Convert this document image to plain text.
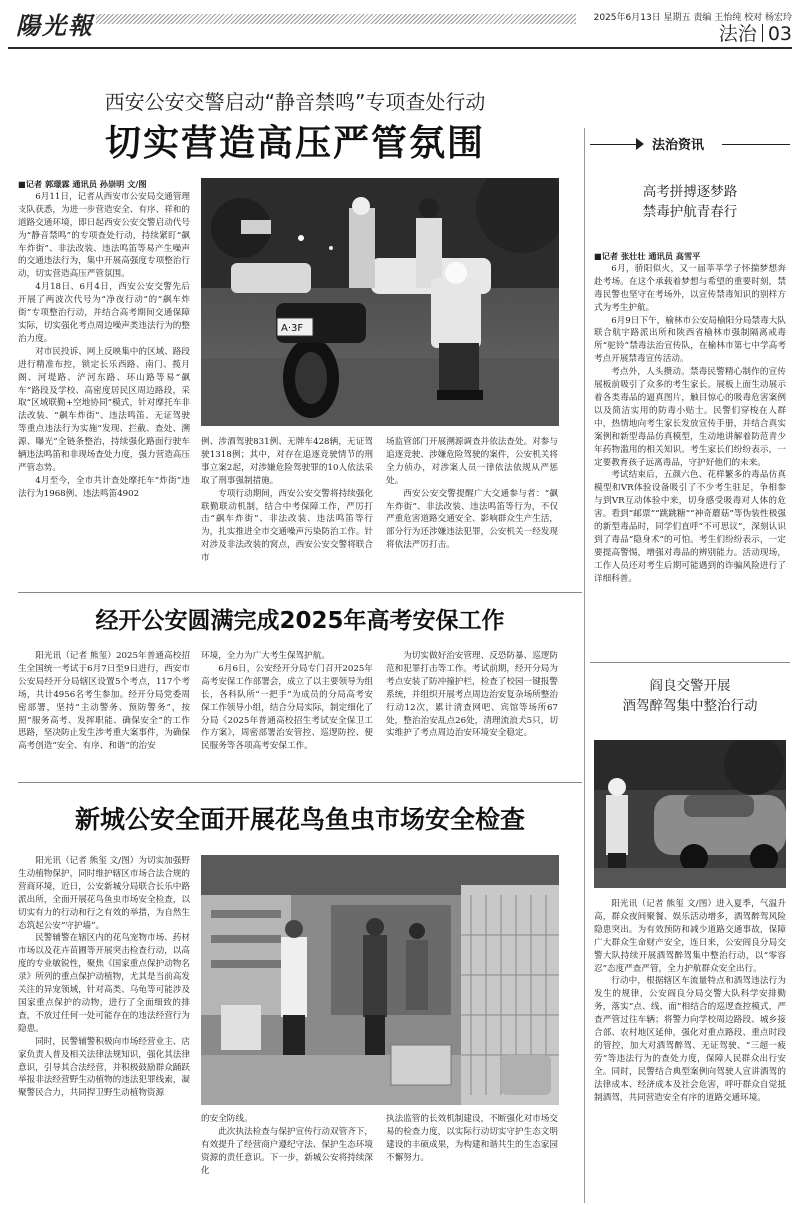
陽光報	2025年6月13日 星期五 责编 王怡纯 校对 杨宏玲
法治 03
西安公安交警启动“静音禁鸣”专项查处行动
切实营造高压严管氛围

■记者 郭璟霖 通讯员 孙崇明 文/图

6月11日，记者从西安市公安局交通管理支队获悉，为进一步营造安全、有序、祥和的道路交通环境，即日起西安公安交警启动代号为“静音禁鸣”的专项查处行动，持续紧盯“飙车炸街”、非法改装、违法鸣笛等易产生噪声的交通违法行为，集中开展高强度专项整治行动，切实营造高压严管氛围。

4月18日、6月4日，西安公安交警先后开展了两波次代号为“净夜行动”的“飙车炸街”专项整治行动，并结合高考期间交通保障实际，切实强化考点周边噪声类违法行为的整治力度。

对市民投诉、网上反映集中的区域、路段进行精准布控，锁定长乐西路、南门、揽月阁、河堤路、浐河东路、环山路等易“飙车”路段及学校、高密度居民区周边路段，采取“区域联勤+空地协同”模式，针对摩托车非法改装、“飙车炸街”、违法鸣笛、无证驾驶等重点违法行为实施“发现、拦截、查处、溯源、曝光”全链条整治，持续强化路面行驶车辆违法鸣笛和非现场查处力度，强力营造高压严管态势。

4月至今，全市共计查处摩托车“炸街”违法行为1968例、违法鸣笛4902

A·3F

例、涉酒驾驶831例、无牌车428辆，无证驾驶1318例；其中，对存在追逐竞驶情节的刑事立案2起，对涉嫌危险驾驶罪的10人依法采取了刑事强制措施。

专项行动期间，西安公安交警将持续强化联勤联动机制，结合中考保障工作，严厉打击“飙车炸街”、非法改装、违法鸣笛等行为，扎实推进全市交通噪声污染防治工作。针对涉及非法改装的窝点，西安公安交警将联合市

场监管部门开展溯源调查并依法查处。对参与追逐竞驶、涉嫌危险驾驶的案件，公安机关将全力侦办，对涉案人员一律依法依规从严惩处。

西安公安交警提醒广大交通参与者：“飙车炸街”、非法改装、违法鸣笛等行为，不仅严重危害道路交通安全、影响群众生产生活，部分行为还涉嫌违法犯罪，公安机关一经发现将依法严厉打击。

经开公安圆满完成2025年高考安保工作

阳光讯（记者 熊玺）2025年普通高校招生全国统一考试于6月7日至9日进行，西安市公安局经开分局辖区设置5个考点，117个考场，共计4956名考生参加。经开分局党委周密部署，坚持“主动警务、预防警务”，按照“服务高考、发挥职能、确保安全”的工作思路，坚决防止发生涉考重大案事件，为确保高考创造“安全、有序、和谐”的治安

环境，全力为广大考生保驾护航。

6月6日，公安经开分局专门召开2025年高考安保工作部署会，成立了以主要领导为组长，各科队所“一把手”为成员的分局高考安保工作领导小组，结合分局实际，制定细化了分局《2025年普通高校招生考试安全保卫工作方案》，周密部署治安管控、巡逻防控、便民服务等各项高考安保工作。

为切实做好治安管理、反恐防暴、巡逻防范和犯罪打击等工作。考试前期，经开分局为考点安装了防冲撞护栏，检查了校园一键报警系统，并组织开展考点周边治安复杂场所整治行动12次，累计清查网吧、宾馆等场所67处，整治治安乱点26处，清理流浪犬5只，切实维护了考点周边治安环境安全稳定。

新城公安全面开展花鸟鱼虫市场安全检查

阳光讯（记者 熊玺 文/图）为切实加强野生动植物保护，同时维护辖区市场合法合规的营商环境，近日，公安新城分局联合长乐中路派出所，全面开展花鸟鱼虫市场安全检查，以切实有力的行动和行之有效的举措，为自然生态筑起公安“守护墙”。

民警辅警在辖区内的花鸟宠物市场、药材市场以及花卉苗圃等开展突击检查行动，以高度的专业敏锐性，聚焦《国家重点保护动物名录》所列的重点保护动植物，尤其是当前高发关注的异宠领域，针对高类、乌龟等可能涉及国家重点保护的动物，进行了全面细致的排查，不放过任何一处可能存在的违法经营行为隐患。

同时，民警辅警积极向市场经营业主、店家负责人普及相关法律法规知识，强化其法律意识，引导其合法经营，并积极鼓励群众踊跃举报非法经营野生动植物的违法犯罪线索，凝聚警民合力，共同捍卫野生动植物资源

的安全防线。

此次执法检查与保护宣传行动双管齐下，有效提升了经营商户遵纪守法、保护生态环境资源的责任意识。下一步，新城公安将持续深化

执法监管的长效机制建设，不断强化对市场交易的检查力度，以实际行动切实守护生态文明建设的丰硕成果，为构建和谐共生的生态家园不懈努力。

法治资讯
高考拼搏逐梦路
禁毒护航青春行

■记者 张壮壮 通讯员 高雪平

6月，骄阳似火，又一届莘莘学子怀揣梦想奔赴考场。在这个承载着梦想与希望的重要时刻，禁毒民警也坚守在考场外，以宣传禁毒知识的别样方式为考生护航。

6月9日下午，榆林市公安局榆阳分局禁毒大队联合航宇路派出所和陕西省榆林市强制隔离戒毒所“驼铃”禁毒法治宣传队，在榆林市第七中学高考考点开展禁毒宣传活动。

考点外，人头攒动。禁毒民警精心制作的宣传展板前吸引了众多的考生家长。展板上面生动展示着各类毒品的逼真图片，触目惊心的吸毒危害案例以及简洁实用的防毒小贴士。民警们穿梭在人群中，热情地向考生家长发放宣传手册，并结合真实案例和新型毒品仿真模型，生动地讲解着防范青少年药物滥用的相关知识。考生家长们纷纷表示，一定要教育孩子远离毒品，守护好他们的未来。

考试结束后，五颜六色、花样繁多的毒品仿真模型和VR体验设备吸引了不少考生驻足，争相参与到VR互动体验中来，切身感受吸毒对人体的危害。看到“邮票”“跳跳糖”“神奇蘑菇”等伪装性极强的新型毒品时，同学们直呼“不可思议”，深刻认识到了毒品“隐身术”的可怕。考生们纷纷表示，一定要提高警惕，增强对毒品的辨别能力。活动现场，工作人员还对考生后期可能遇到的诈骗风险进行了详细科普。

阎良交警开展
酒驾醉驾集中整治行动

阳光讯（记者 熊玺 文/图）进入夏季，气温升高，群众夜间聚餐、娱乐活动增多，酒驾醉驾风险隐患突出。为有效预防和减少道路交通事故，保障广大群众生命财产安全，连日来，公安阎良分局交警大队持续开展酒驾醉驾集中整治行动，以“零容忍”态度严查严管，全力护航群众安全出行。

行动中，根据辖区车流量特点和酒驾违法行为发生的规律，公安阎良分局交警大队科学安排勤务，落实“点、线、面”相结合的巡逻查控模式，严查严管过往车辆；将警力向学校周边路段、城乡接合部、农村地区延伸，强化对重点路段、重点时段的管控，加大对酒驾醉驾、无证驾驶、“三超一疲劳”等违法行为的查处力度，保障人民群众出行安全。同时，民警结合典型案例向驾驶人宣讲酒驾的法律成本、经济成本及社会危害，呼吁群众自觉抵制酒驾，共同营造安全有序的道路交通环境。
